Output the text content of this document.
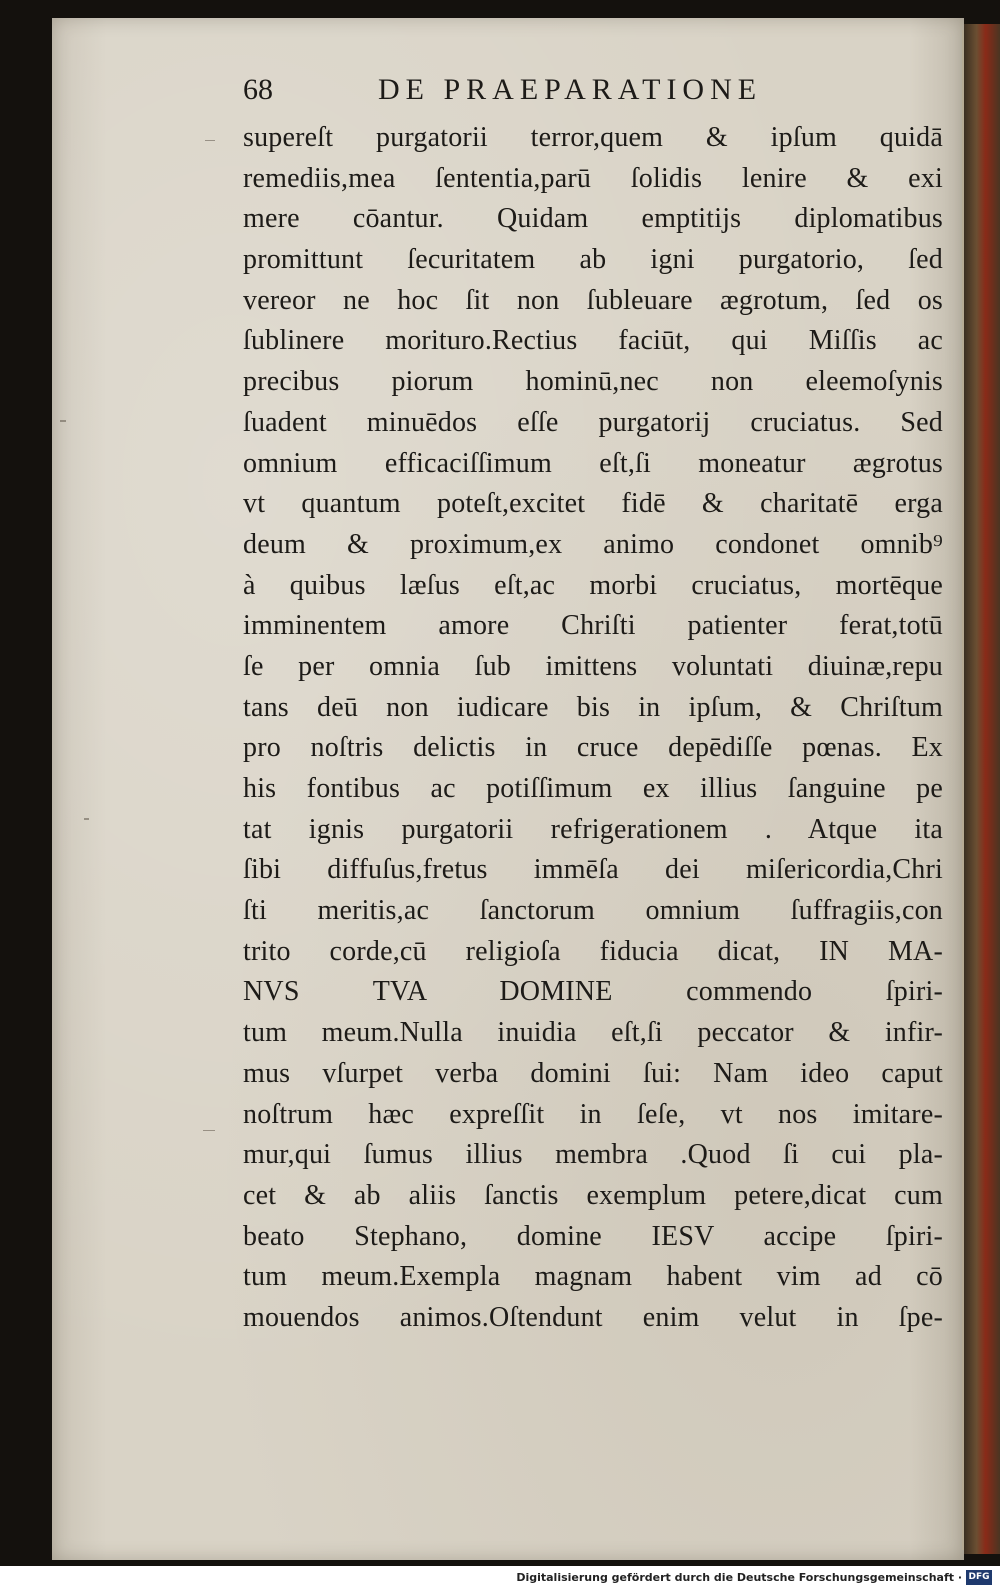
68	DE PRAEPARATIONE
supereſt purgatorii terror,quem & ipſum quidā
remediis,mea ſententia,parū ſolidis lenire & exi
mere cōantur. Quidam emptitijs diplomatibus
promittunt ſecuritatem ab igni purgatorio, ſed
vereor ne hoc ſit non ſubleuare ægrotum, ſed os
ſublinere morituro.Rectius faciūt, qui Miſſis ac
precibus piorum hominū,nec non eleemoſynis
ſuadent minuēdos eſſe purgatorij cruciatus. Sed
omnium efficaciſſimum eſt,ſi moneatur ægrotus
vt quantum poteſt,excitet fidē & charitatē erga
deum & proximum,ex animo condonet omnib⁹
à quibus læſus eſt,ac morbi cruciatus, mortēque
imminentem amore Chriſti patienter ferat,totū
ſe per omnia ſub imittens voluntati diuinæ,repu
tans deū non iudicare bis in ipſum, & Chriſtum
pro noſtris delictis in cruce depēdiſſe pœnas. Ex
his fontibus ac potiſſimum ex illius ſanguine pe
tat ignis purgatorii refrigerationem . Atque ita
ſibi diffuſus,fretus immēſa dei miſericordia,Chri
ſti meritis,ac ſanctorum omnium ſuffragiis,con
trito corde,cū religioſa fiducia dicat, IN MA-
NVS TVA DOMINE commendo ſpiri-
tum meum.Nulla inuidia eſt,ſi peccator & infir-
mus vſurpet verba domini ſui: Nam ideo caput
noſtrum hæc expreſſit in ſeſe, vt nos imitare-
mur,qui ſumus illius membra .Quod ſi cui pla-
cet & ab aliis ſanctis exemplum petere,dicat cum
beato Stephano, domine IESV accipe ſpiri-
tum meum.Exempla magnam habent vim ad cō
mouendos animos.Oſtendunt enim velut in ſpe-
Digitalisierung gefördert durch die Deutsche Forschungsgemeinschaft · DFG
